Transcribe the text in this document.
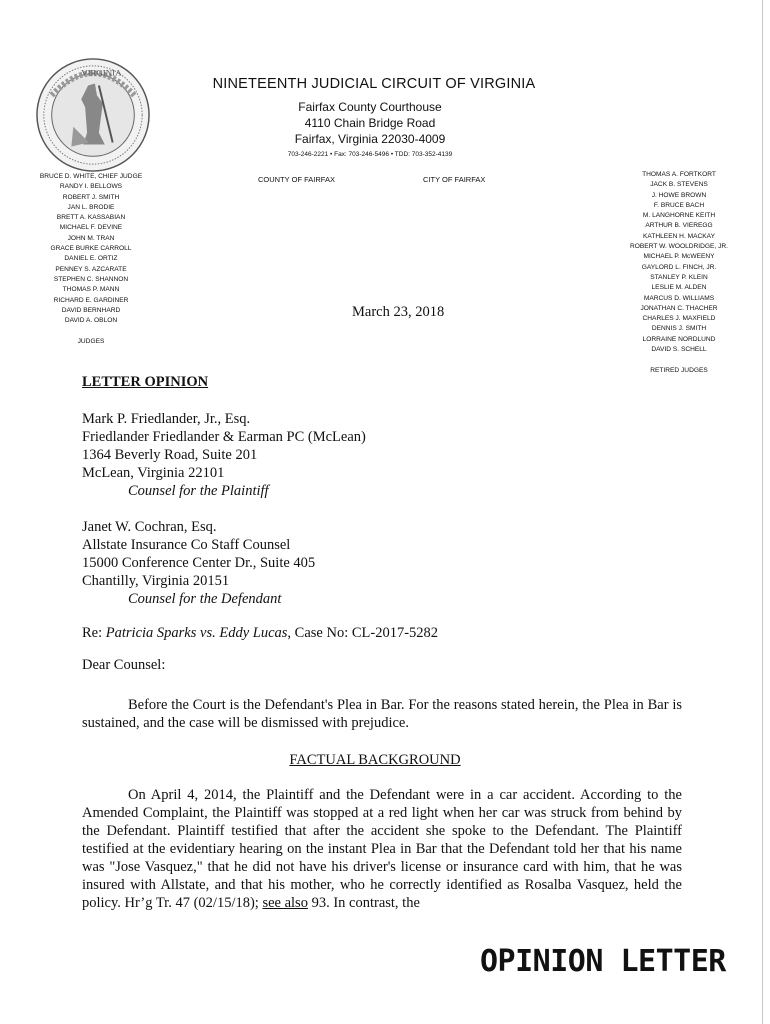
VIRGINIA
NINETEENTH JUDICIAL CIRCUIT OF VIRGINIA
Fairfax County Courthouse
4110 Chain Bridge Road
Fairfax, Virginia 22030-4009
703-246-2221 • Fax: 703-246-5496 • TDD: 703-352-4139
COUNTY OF FAIRFAX	CITY OF FAIRFAX
BRUCE D. WHITE, CHIEF JUDGE
RANDY I. BELLOWS
ROBERT J. SMITH
JAN L. BRODIE
BRETT A. KASSABIAN
MICHAEL F. DEVINE
JOHN M. TRAN
GRACE BURKE CARROLL
DANIEL E. ORTIZ
PENNEY S. AZCARATE
STEPHEN C. SHANNON
THOMAS P. MANN
RICHARD E. GARDINER
DAVID BERNHARD
DAVID A. OBLON
JUDGES
THOMAS A. FORTKORT
JACK B. STEVENS
J. HOWE BROWN
F. BRUCE BACH
M. LANGHORNE KEITH
ARTHUR B. VIEREGG
KATHLEEN H. MACKAY
ROBERT W. WOOLDRIDGE, JR.
MICHAEL P. McWEENY
GAYLORD L. FINCH, JR.
STANLEY P. KLEIN
LESLIE M. ALDEN
MARCUS D. WILLIAMS
JONATHAN C. THACHER
CHARLES J. MAXFIELD
DENNIS J. SMITH
LORRAINE NORDLUND
DAVID S. SCHELL
RETIRED JUDGES
March 23, 2018
LETTER OPINION
Mark P. Friedlander, Jr., Esq.
Friedlander Friedlander & Earman PC (McLean)
1364 Beverly Road, Suite 201
McLean, Virginia 22101
Counsel for the Plaintiff
Janet W. Cochran, Esq.
Allstate Insurance Co Staff Counsel
15000 Conference Center Dr., Suite 405
Chantilly, Virginia 20151
Counsel for the Defendant
Re: Patricia Sparks vs. Eddy Lucas, Case No: CL-2017-5282
Dear Counsel:
Before the Court is the Defendant's Plea in Bar. For the reasons stated herein, the Plea in Bar is sustained, and the case will be dismissed with prejudice.
FACTUAL BACKGROUND
On April 4, 2014, the Plaintiff and the Defendant were in a car accident. According to the Amended Complaint, the Plaintiff was stopped at a red light when her car was struck from behind by the Defendant. Plaintiff testified that after the accident she spoke to the Defendant. The Plaintiff testified at the evidentiary hearing on the instant Plea in Bar that the Defendant told her that his name was "Jose Vasquez," that he did not have his driver's license or insurance card with him, that he was insured with Allstate, and that his mother, who he correctly identified as Rosalba Vasquez, held the policy. Hr’g Tr. 47 (02/15/18); see also 93. In contrast, the
OPINION LETTER
